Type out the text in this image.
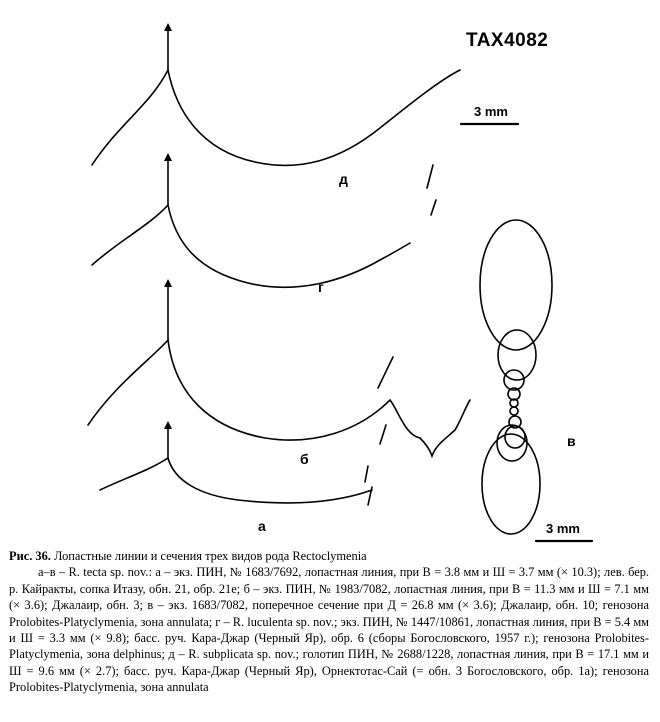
TAX4082
3 mm
3 mm
д
г
б
а
в

Рис. 36. Лопастные линии и сечения трех видов рода Rectoclymenia

а–в – R. tecta sp. nov.: а – экз. ПИН, № 1683/7692, лопастная линия, при В = 3.8 мм и Ш = 3.7 мм (× 10.3); лев. бер. р. Кайракты, сопка Итазу, обн. 21, обр. 21е; б – экз. ПИН, № 1983/7082, лопастная линия, при В = 11.3 мм и Ш = 7.1 мм (× 3.6); Джалаир, обн. 3; в – экз. 1683/7082, поперечное сечение при Д = 26.8 мм (× 3.6); Джалаир, обн. 10; генозона Prolobites-Platyclymenia, зона annulata; г – R. luculenta sp. nov.; экз. ПИН, № 1447/10861, лопастная линия, при В = 5.4 мм и Ш = 3.3 мм (× 9.8); басс. руч. Кара-Джар (Черный Яр), обр. 6 (сборы Богословского, 1957 г.); генозона Prolobites-Platyclymenia, зона delphinus; д – R. subplicata sp. nov.; голотип ПИН, № 2688/1228, лопастная линия, при В = 17.1 мм и Ш = 9.6 мм (× 2.7); басс. руч. Кара-Джар (Черный Яр), Орнектотас-Сай (= обн. 3 Богословского, обр. 1а); генозона Prolobites-Platyclymenia, зона annulata
